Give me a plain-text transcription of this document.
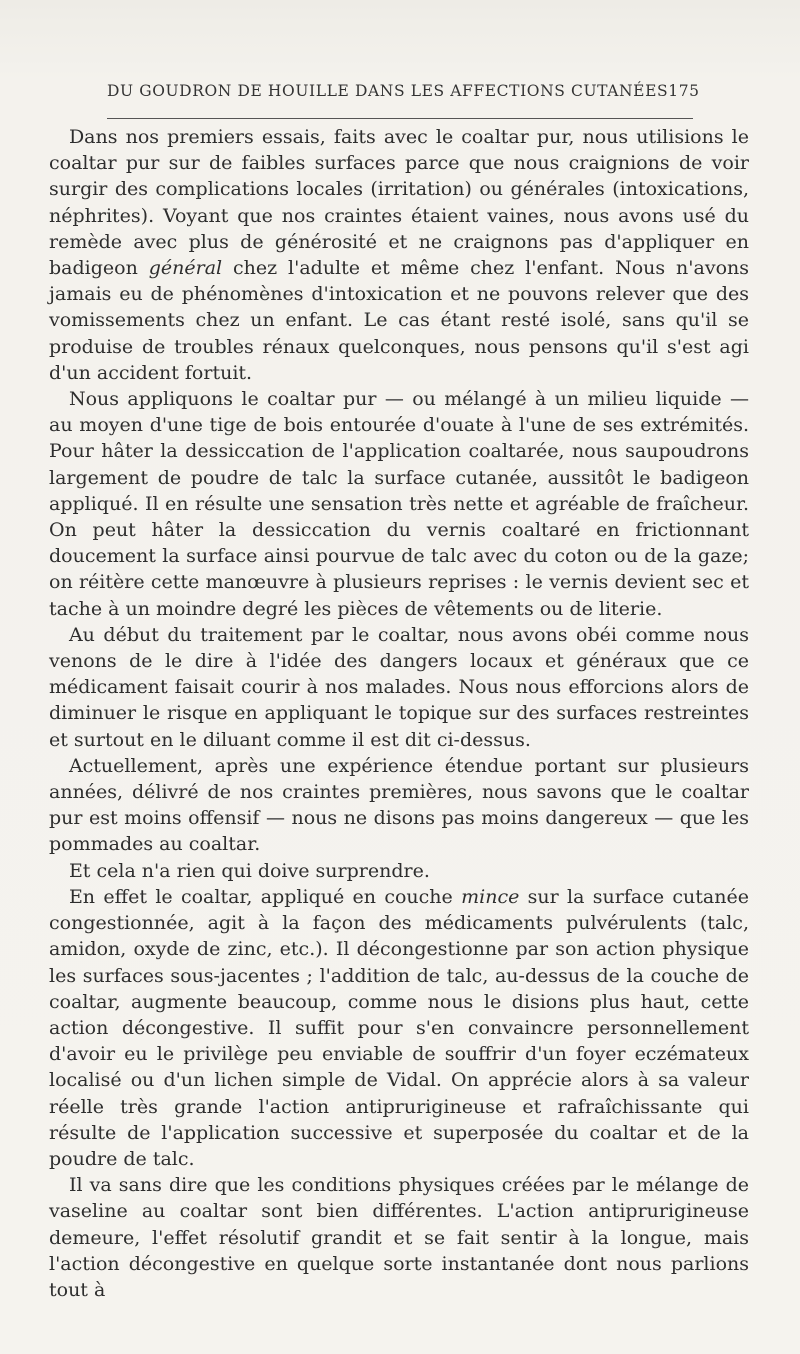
DU GOUDRON DE HOUILLE DANS LES AFFECTIONS CUTANÉES 175

Dans nos premiers essais, faits avec le coaltar pur, nous utilisions le coaltar pur sur de faibles surfaces parce que nous craignions de voir surgir des complications locales (irritation) ou générales (intoxications, néphrites). Voyant que nos craintes étaient vaines, nous avons usé du remède avec plus de générosité et ne craignons pas d'appliquer en badigeon général chez l'adulte et même chez l'enfant. Nous n'avons jamais eu de phénomènes d'intoxication et ne pouvons relever que des vomissements chez un enfant. Le cas étant resté isolé, sans qu'il se produise de troubles rénaux quelconques, nous pensons qu'il s'est agi d'un accident fortuit.

Nous appliquons le coaltar pur — ou mélangé à un milieu liquide — au moyen d'une tige de bois entourée d'ouate à l'une de ses extrémités. Pour hâter la dessiccation de l'application coaltarée, nous saupoudrons largement de poudre de talc la surface cutanée, aussitôt le badigeon appliqué. Il en résulte une sensation très nette et agréable de fraîcheur. On peut hâter la dessiccation du vernis coaltaré en frictionnant doucement la surface ainsi pourvue de talc avec du coton ou de la gaze; on réitère cette manœuvre à plusieurs reprises : le vernis devient sec et tache à un moindre degré les pièces de vêtements ou de literie.

Au début du traitement par le coaltar, nous avons obéi comme nous venons de le dire à l'idée des dangers locaux et généraux que ce médicament faisait courir à nos malades. Nous nous efforcions alors de diminuer le risque en appliquant le topique sur des surfaces restreintes et surtout en le diluant comme il est dit ci-dessus.

Actuellement, après une expérience étendue portant sur plusieurs années, délivré de nos craintes premières, nous savons que le coaltar pur est moins offensif — nous ne disons pas moins dangereux — que les pommades au coaltar.

Et cela n'a rien qui doive surprendre.

En effet le coaltar, appliqué en couche mince sur la surface cutanée congestionnée, agit à la façon des médicaments pulvérulents (talc, amidon, oxyde de zinc, etc.). Il décongestionne par son action physique les surfaces sous-jacentes ; l'addition de talc, au-dessus de la couche de coaltar, augmente beaucoup, comme nous le disions plus haut, cette action décongestive. Il suffit pour s'en convaincre personnellement d'avoir eu le privilège peu enviable de souffrir d'un foyer eczémateux localisé ou d'un lichen simple de Vidal. On apprécie alors à sa valeur réelle très grande l'action antiprurigineuse et rafraîchissante qui résulte de l'application successive et superposée du coaltar et de la poudre de talc.

Il va sans dire que les conditions physiques créées par le mélange de vaseline au coaltar sont bien différentes. L'action antiprurigineuse demeure, l'effet résolutif grandit et se fait sentir à la longue, mais l'action décongestive en quelque sorte instantanée dont nous parlions tout à
